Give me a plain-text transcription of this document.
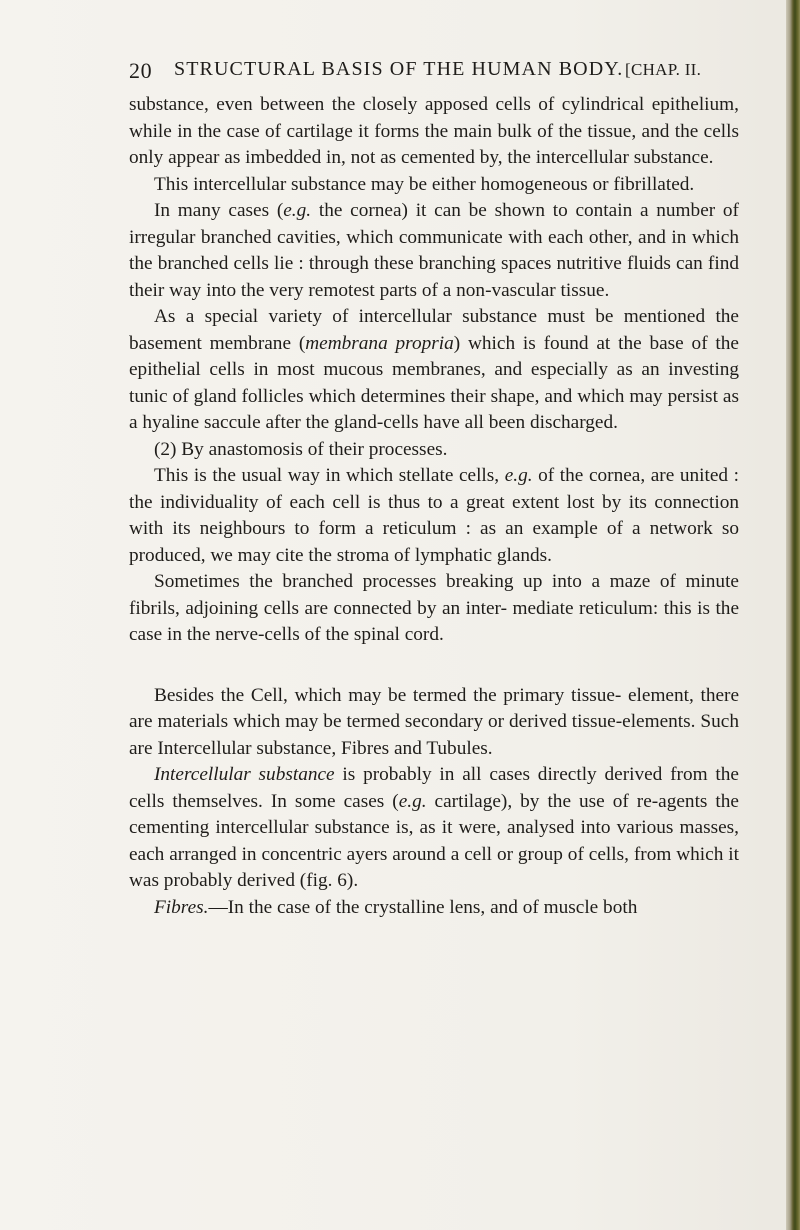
20 STRUCTURAL BASIS OF THE HUMAN BODY. [CHAP. II.

substance, even between the closely apposed cells of cylindrical epithelium, while in the case of cartilage it forms the main bulk of the tissue, and the cells only appear as imbedded in, not as cemented by, the intercellular substance.

This intercellular substance may be either homogeneous or fibrillated.

In many cases (e.g. the cornea) it can be shown to contain a number of irregular branched cavities, which communicate with each other, and in which the branched cells lie : through these branching spaces nutritive fluids can find their way into the very remotest parts of a non-vascular tissue.

As a special variety of intercellular substance must be mentioned the basement membrane (membrana propria) which is found at the base of the epithelial cells in most mucous membranes, and especially as an investing tunic of gland follicles which determines their shape, and which may persist as a hyaline saccule after the gland-cells have all been discharged.

(2) By anastomosis of their processes.

This is the usual way in which stellate cells, e.g. of the cornea, are united : the individuality of each cell is thus to a great extent lost by its connection with its neighbours to form a reticulum : as an example of a network so produced, we may cite the stroma of lymphatic glands.

Sometimes the branched processes breaking up into a maze of minute fibrils, adjoining cells are connected by an inter- mediate reticulum: this is the case in the nerve-cells of the spinal cord.

Besides the Cell, which may be termed the primary tissue- element, there are materials which may be termed secondary or derived tissue-elements. Such are Intercellular substance, Fibres and Tubules.

Intercellular substance is probably in all cases directly derived from the cells themselves. In some cases (e.g. cartilage), by the use of re-agents the cementing intercellular substance is, as it were, analysed into various masses, each arranged in concentric ayers around a cell or group of cells, from which it was probably derived (fig. 6).

Fibres.—In the case of the crystalline lens, and of muscle both
